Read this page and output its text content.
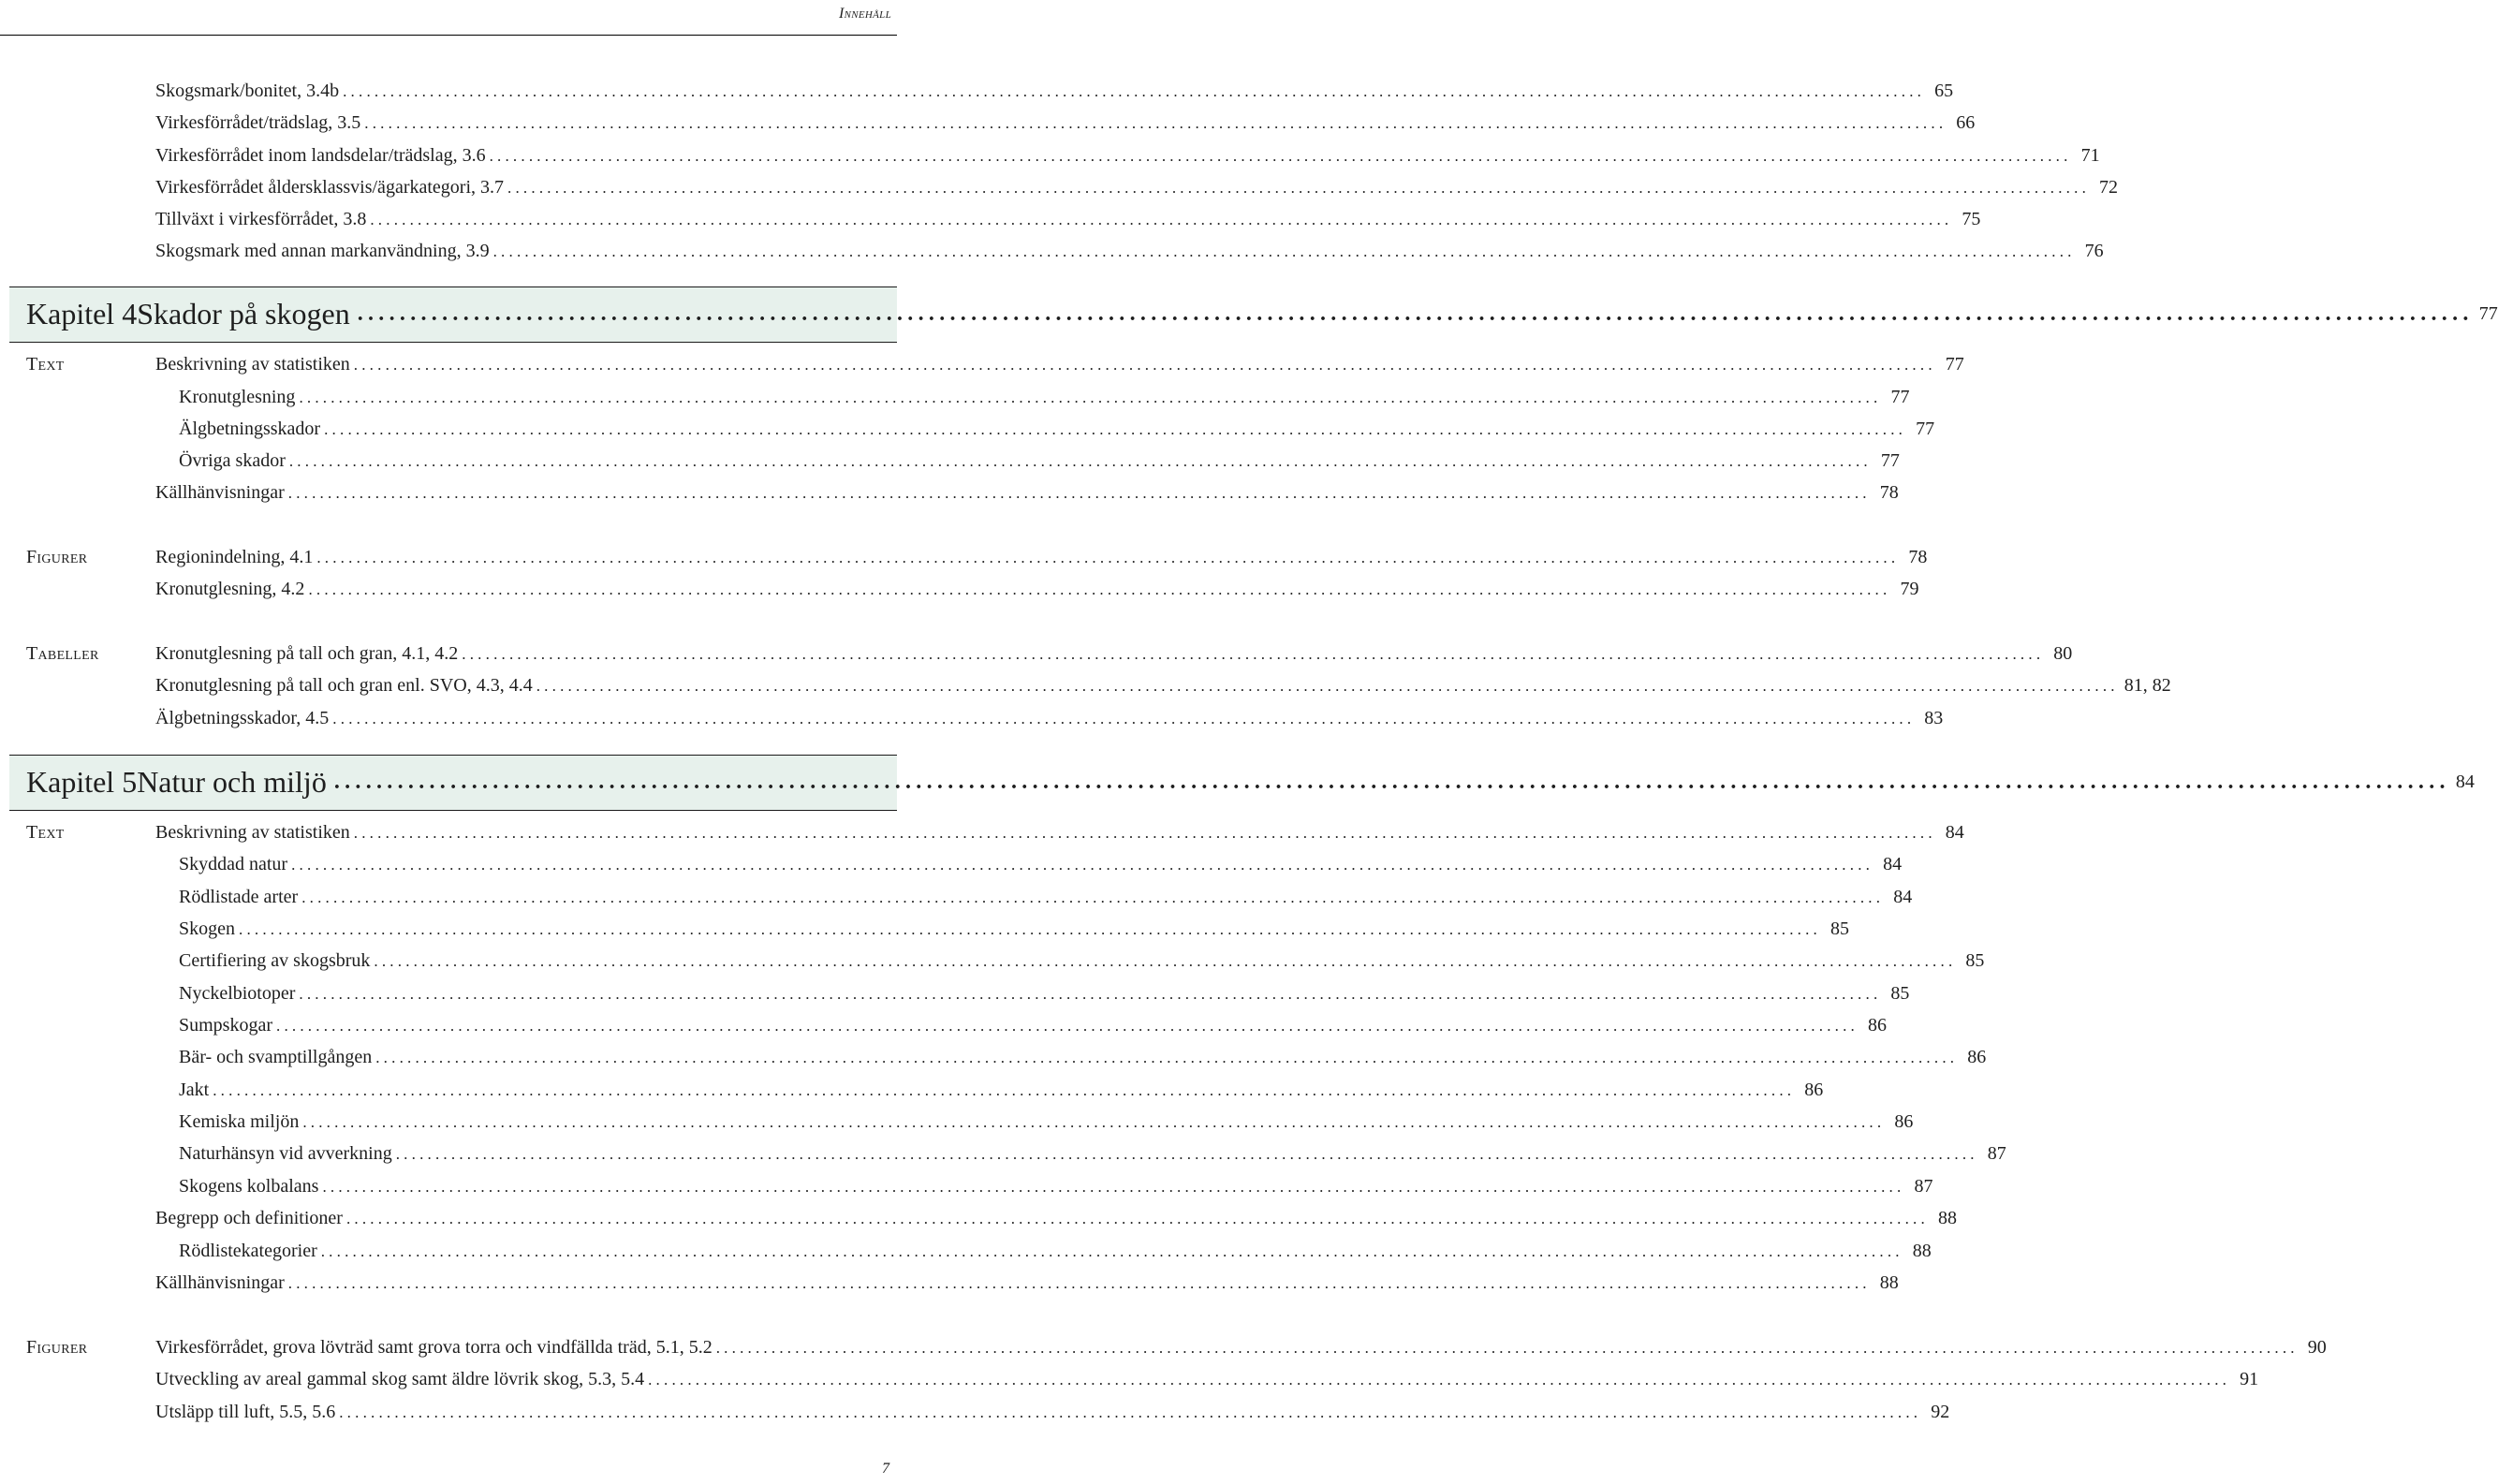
Innehåll
Skogsmark/bonitet, 3.4b ........................................................................................................................................................................................................ 65
Virkesförrådet/trädslag, 3.5 ........................................................................................................................................................................................................ 66
Virkesförrådet inom landsdelar/trädslag, 3.6 ........................................................................................................................................................................................................ 71
Virkesförrådet åldersklassvis/ägarkategori, 3.7 ........................................................................................................................................................................................................ 72
Tillväxt i virkesförrådet, 3.8 ........................................................................................................................................................................................................ 75
Skogsmark med annan markanvändning, 3.9 ........................................................................................................................................................................................................ 76
Kapitel 4 Skador på skogen ........................................................................................................................................................................................................ 77
Text	Beskrivning av statistiken ........................................................................................................................................................................................................ 77
Kronutglesning ........................................................................................................................................................................................................ 77
Älgbetningsskador ........................................................................................................................................................................................................ 77
Övriga skador ........................................................................................................................................................................................................ 77
Källhänvisningar ........................................................................................................................................................................................................ 78
Figurer	Regionindelning, 4.1 ........................................................................................................................................................................................................ 78
Kronutglesning, 4.2 ........................................................................................................................................................................................................ 79
Tabeller	Kronutglesning på tall och gran, 4.1, 4.2 ........................................................................................................................................................................................................ 80
Kronutglesning på tall och gran enl. SVO, 4.3, 4.4 ........................................................................................................................................................................................................ 81, 82
Älgbetningsskador, 4.5 ........................................................................................................................................................................................................ 83
Kapitel 5 Natur och miljö ........................................................................................................................................................................................................ 84
Text	Beskrivning av statistiken ........................................................................................................................................................................................................ 84
Skyddad natur ........................................................................................................................................................................................................ 84
Rödlistade arter ........................................................................................................................................................................................................ 84
Skogen ........................................................................................................................................................................................................ 85
Certifiering av skogsbruk ........................................................................................................................................................................................................ 85
Nyckelbiotoper ........................................................................................................................................................................................................ 85
Sumpskogar ........................................................................................................................................................................................................ 86
Bär- och svamptillgången ........................................................................................................................................................................................................ 86
Jakt ........................................................................................................................................................................................................ 86
Kemiska miljön ........................................................................................................................................................................................................ 86
Naturhänsyn vid avverkning ........................................................................................................................................................................................................ 87
Skogens kolbalans ........................................................................................................................................................................................................ 87
Begrepp och definitioner ........................................................................................................................................................................................................ 88
Rödlistekategorier ........................................................................................................................................................................................................ 88
Källhänvisningar ........................................................................................................................................................................................................ 88
Figurer	Virkesförrådet, grova lövträd samt grova torra och vindfällda träd, 5.1, 5.2 ........................................................................................................................................................................................................ 90
Utveckling av areal gammal skog samt äldre lövrik skog, 5.3, 5.4 ........................................................................................................................................................................................................ 91
Utsläpp till luft, 5.5, 5.6 ........................................................................................................................................................................................................ 92
7
